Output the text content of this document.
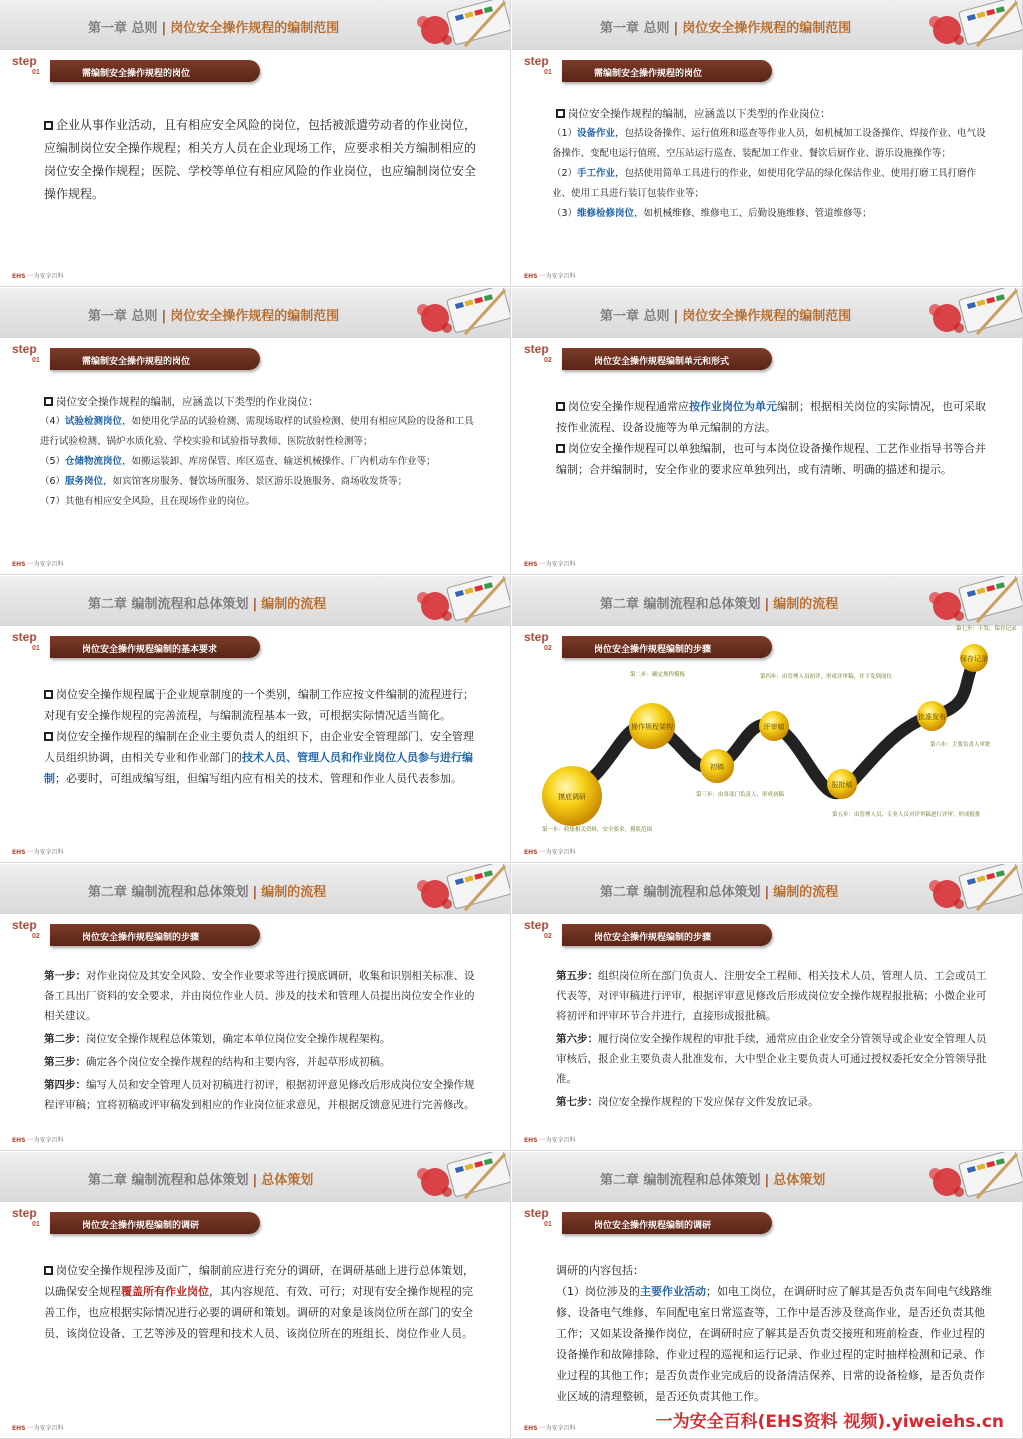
第一章 总则 | 岗位安全操作规程的编制范围
step
01	需编制安全操作规程的岗位
EHS 一为安全百科

企业从事作业活动，且有相应安全风险的岗位，包括被派遣劳动者的作业岗位，应编制岗位安全操作规程；相关方人员在企业现场工作，应要求相关方编制相应的岗位安全操作规程；医院、学校等单位有相应风险的作业岗位，也应编制岗位安全操作规程。

第一章 总则 | 岗位安全操作规程的编制范围
step
01	需编制安全操作规程的岗位
EHS 一为安全百科

岗位安全操作规程的编制，应涵盖以下类型的作业岗位：

（1）设备作业，包括设备操作、运行值班和巡查等作业人员，如机械加工设备操作、焊接作业、电气设备操作、变配电运行值班、空压站运行巡查、装配加工作业、餐饮后厨作业、游乐设施操作等；

（2）手工作业，包括使用简单工具进行的作业，如使用化学品的绿化保洁作业、使用打磨工具打磨作业、使用工具进行装订包装作业等；

（3）维修检修岗位，如机械维修、维修电工、后勤设施维修、管道维修等；

第一章 总则 | 岗位安全操作规程的编制范围
step
01	需编制安全操作规程的岗位
EHS 一为安全百科

岗位安全操作规程的编制，应涵盖以下类型的作业岗位：

（4）试验检测岗位，如使用化学品的试验检测、需现场取样的试验检测、使用有相应风险的设备和工具进行试验检测、锅炉水质化验、学校实验和试验指导教师、医院放射性检测等；

（5）仓储物流岗位，如搬运装卸、库房保管、库区巡查、输送机械操作、厂内机动车作业等；

（6）服务岗位，如宾馆客房服务、餐饮场所服务、景区游乐设施服务、商场收发货等；

（7）其他有相应安全风险，且在现场作业的岗位。

第一章 总则 | 岗位安全操作规程的编制范围
step
02	岗位安全操作规程编制单元和形式
EHS 一为安全百科

岗位安全操作规程通常应按作业岗位为单元编制；根据相关岗位的实际情况，也可采取按作业流程、设备设施等为单元编制的方法。

岗位安全操作规程可以单独编制，也可与本岗位设备操作规程、工艺作业指导书等合并编制；合并编制时，安全作业的要求应单独列出，或有清晰、明确的描述和提示。

第二章 编制流程和总体策划 | 编制的流程
step
01	岗位安全操作规程编制的基本要求
EHS 一为安全百科

岗位安全操作规程属于企业规章制度的一个类别，编制工作应按文件编制的流程进行；对现有安全操作规程的完善流程，与编制流程基本一致，可根据实际情况适当简化。

岗位安全操作规程的编制在企业主要负责人的组织下，由企业安全管理部门、安全管理人员组织协调，由相关专业和作业部门的技术人员、管理人员和作业岗位人员参与进行编制；必要时，可组成编写组，但编写组内应有相关的技术、管理和作业人员代表参加。

第二章 编制流程和总体策划 | 编制的流程
step
02	岗位安全操作规程编制的步骤
EHS 一为安全百科
摸底调研
第一步：收集相关资料，安全要求，摸底范围
操作规程架构
第二步：确定规程模板
初稿
第三步：由各部门负责人、形成初稿
评审稿
第四步：由管理人员初评，形成评审稿，并下发到岗位
报批稿
第五步：由管理人员、专业人员对评审稿进行评审，形成报批
批准发布
第六步：主要负责人审批
保存记录
第七步：下发，保存记录
第二章 编制流程和总体策划 | 编制的流程
step
02	岗位安全操作规程编制的步骤
EHS 一为安全百科

第一步：对作业岗位及其安全风险、安全作业要求等进行摸底调研，收集和识别相关标准、设备工具出厂资料的安全要求，并由岗位作业人员、涉及的技术和管理人员提出岗位安全作业的相关建议。

第二步：岗位安全操作规程总体策划，确定本单位岗位安全操作规程架构。

第三步：确定各个岗位安全操作规程的结构和主要内容，并起草形成初稿。

第四步：编写人员和安全管理人员对初稿进行初评，根据初评意见修改后形成岗位安全操作规程评审稿；宜将初稿或评审稿发到相应的作业岗位征求意见，并根据反馈意见进行完善修改。

第二章 编制流程和总体策划 | 编制的流程
step
02	岗位安全操作规程编制的步骤
EHS 一为安全百科

第五步：组织岗位所在部门负责人、注册安全工程师、相关技术人员、管理人员、工会或员工代表等，对评审稿进行评审，根据评审意见修改后形成岗位安全操作规程报批稿；小微企业可将初评和评审环节合并进行，直接形成报批稿。

第六步：履行岗位安全操作规程的审批手续，通常应由企业安全分管领导或企业安全管理人员审核后，报企业主要负责人批准发布，大中型企业主要负责人可通过授权委托安全分管领导批准。

第七步：岗位安全操作规程的下发应保存文件发放记录。

第二章 编制流程和总体策划 | 总体策划
step
01	岗位安全操作规程编制的调研
EHS 一为安全百科

岗位安全操作规程涉及面广，编制前应进行充分的调研，在调研基础上进行总体策划，以确保安全规程覆盖所有作业岗位，其内容规范、有效、可行；对现有安全操作规程的完善工作，也应根据实际情况进行必要的调研和策划。调研的对象是该岗位所在部门的安全员、该岗位设备、工艺等涉及的管理和技术人员、该岗位所在的班组长、岗位作业人员。

第二章 编制流程和总体策划 | 总体策划
step
01	岗位安全操作规程编制的调研
EHS 一为安全百科

调研的内容包括：

（1）岗位涉及的主要作业活动；如电工岗位，在调研时应了解其是否负责车间电气线路维修、设备电气维修、车间配电室日常巡查等，工作中是否涉及登高作业，是否还负责其他工作；又如某设备操作岗位，在调研时应了解其是否负责交接班和班前检查、作业过程的设备操作和故障排除、作业过程的巡视和运行记录、作业过程的定时抽样检测和记录、作业过程的其他工作；是否负责作业完成后的设备清洁保养、日常的设备检修，是否负责作业区域的清理整顿，是否还负责其他工作。

一为安全百科(EHS资料 视频).yiweiehs.cn
